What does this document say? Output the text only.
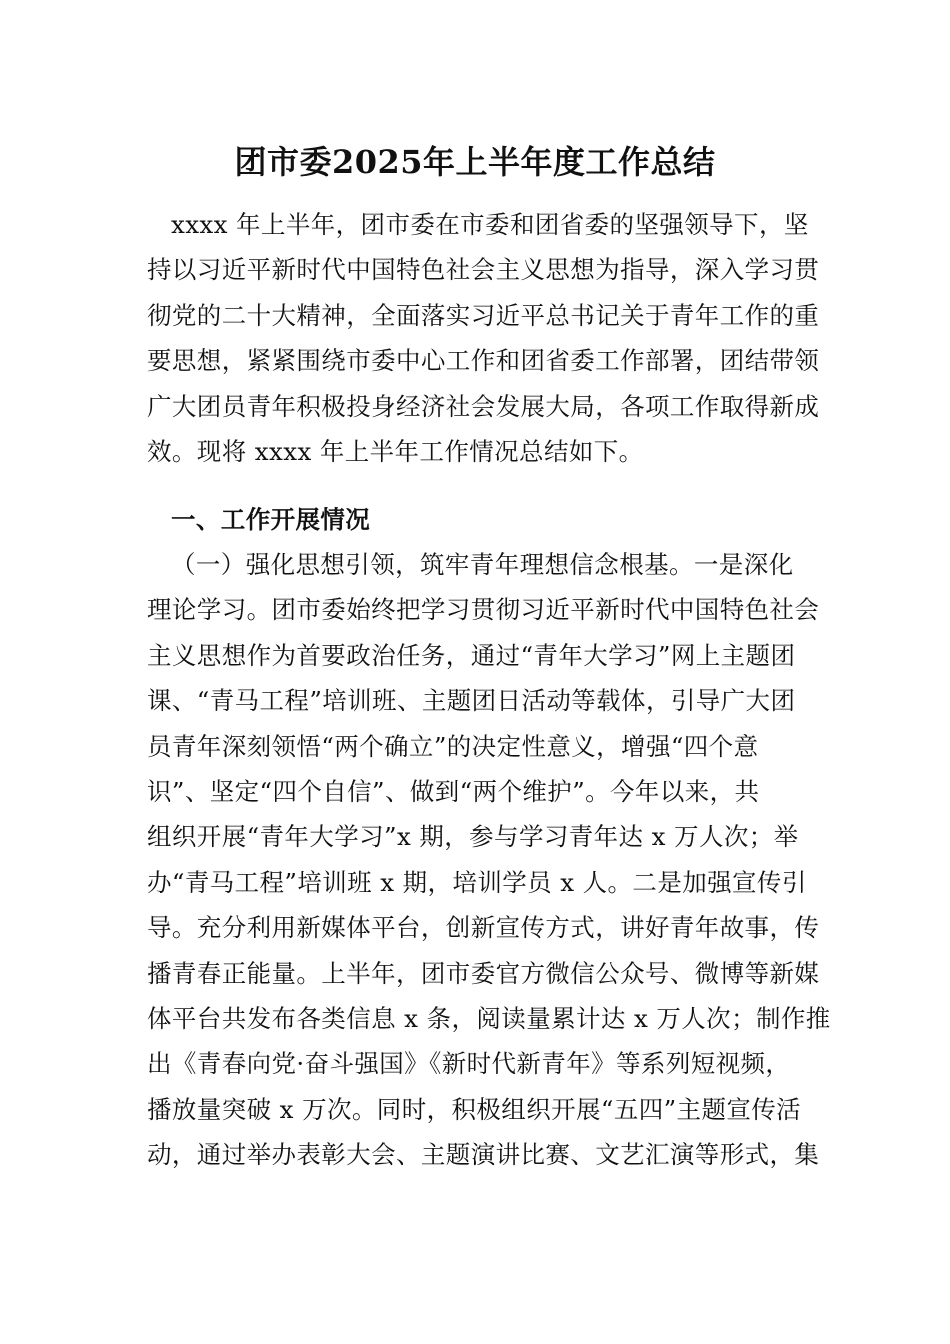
团市委2025年上半年度工作总结
xxxx 年上半年，团市委在市委和团省委的坚强领导下，坚
持以习近平新时代中国特色社会主义思想为指导，深入学习贯
彻党的二十大精神，全面落实习近平总书记关于青年工作的重
要思想，紧紧围绕市委中心工作和团省委工作部署，团结带领
广大团员青年积极投身经济社会发展大局，各项工作取得新成
效。现将 xxxx 年上半年工作情况总结如下。
一、工作开展情况
（一）强化思想引领，筑牢青年理想信念根基。一是深化
理论学习。团市委始终把学习贯彻习近平新时代中国特色社会
主义思想作为首要政治任务，通过“青年大学习”网上主题团
课、“青马工程”培训班、主题团日活动等载体，引导广大团
员青年深刻领悟“两个确立”的决定性意义，增强“四个意
识”、坚定“四个自信”、做到“两个维护”。今年以来，共
组织开展“青年大学习”x 期，参与学习青年达 x 万人次；举
办“青马工程”培训班 x 期，培训学员 x 人。二是加强宣传引
导。充分利用新媒体平台，创新宣传方式，讲好青年故事，传
播青春正能量。上半年，团市委官方微信公众号、微博等新媒
体平台共发布各类信息 x 条，阅读量累计达 x 万人次；制作推
出《青春向党·奋斗强国》《新时代新青年》等系列短视频，
播放量突破 x 万次。同时，积极组织开展“五四”主题宣传活
动，通过举办表彰大会、主题演讲比赛、文艺汇演等形式，集
